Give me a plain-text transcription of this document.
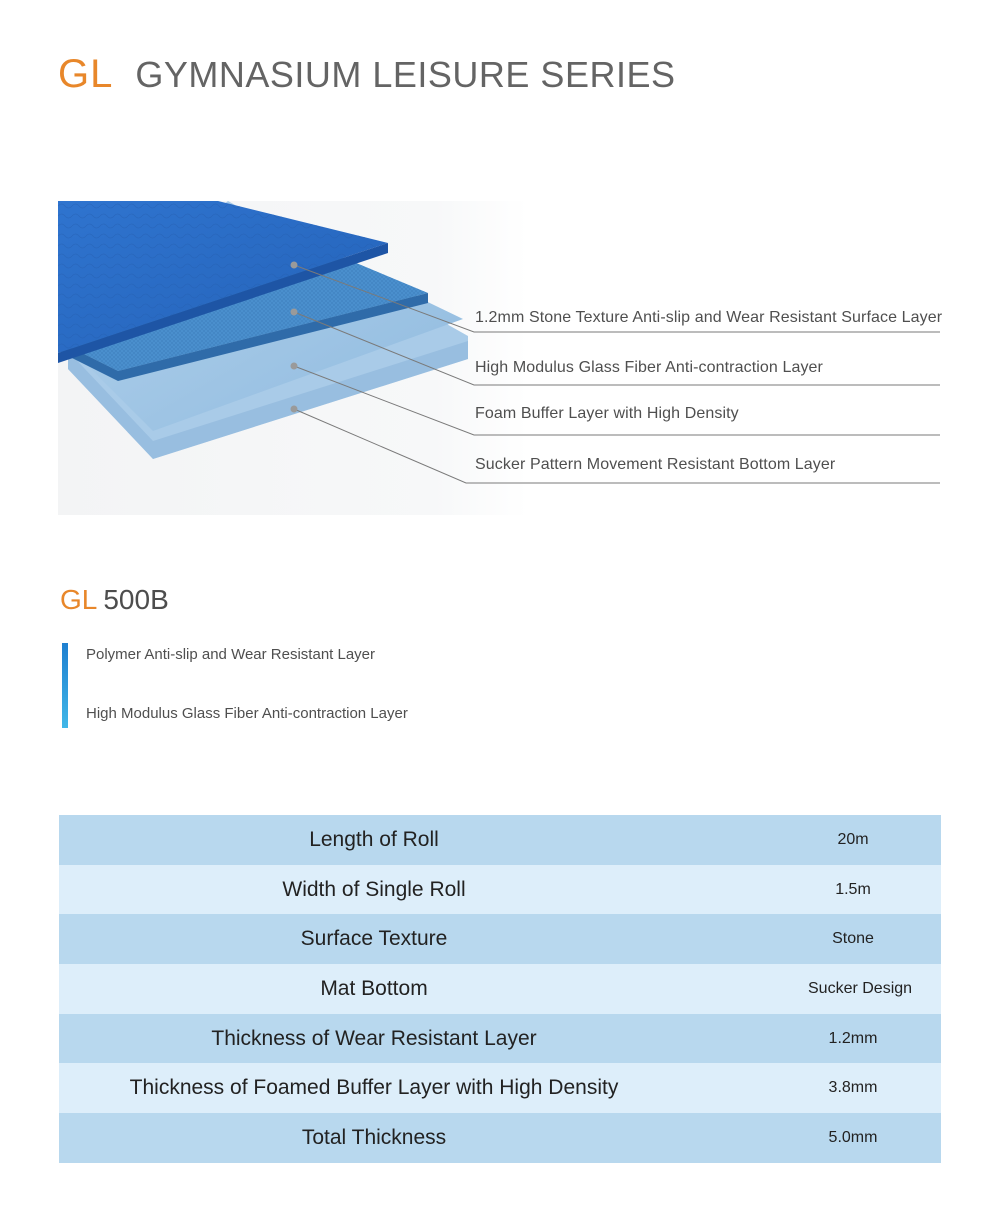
GL GYMNASIUM LEISURE SERIES
1.2mm Stone Texture Anti-slip and Wear Resistant Surface Layer
High Modulus Glass Fiber Anti-contraction Layer
Foam Buffer Layer with High Density
Sucker Pattern Movement Resistant Bottom Layer
GL 500B
Polymer Anti-slip and Wear Resistant Layer
High Modulus Glass Fiber Anti-contraction Layer
Length of Roll	20m
Width of Single Roll	1.5m
Surface Texture	Stone
Mat Bottom	Sucker Design
Thickness of Wear Resistant Layer	1.2mm
Thickness of Foamed Buffer Layer with High Density	3.8mm
Total Thickness	5.0mm
